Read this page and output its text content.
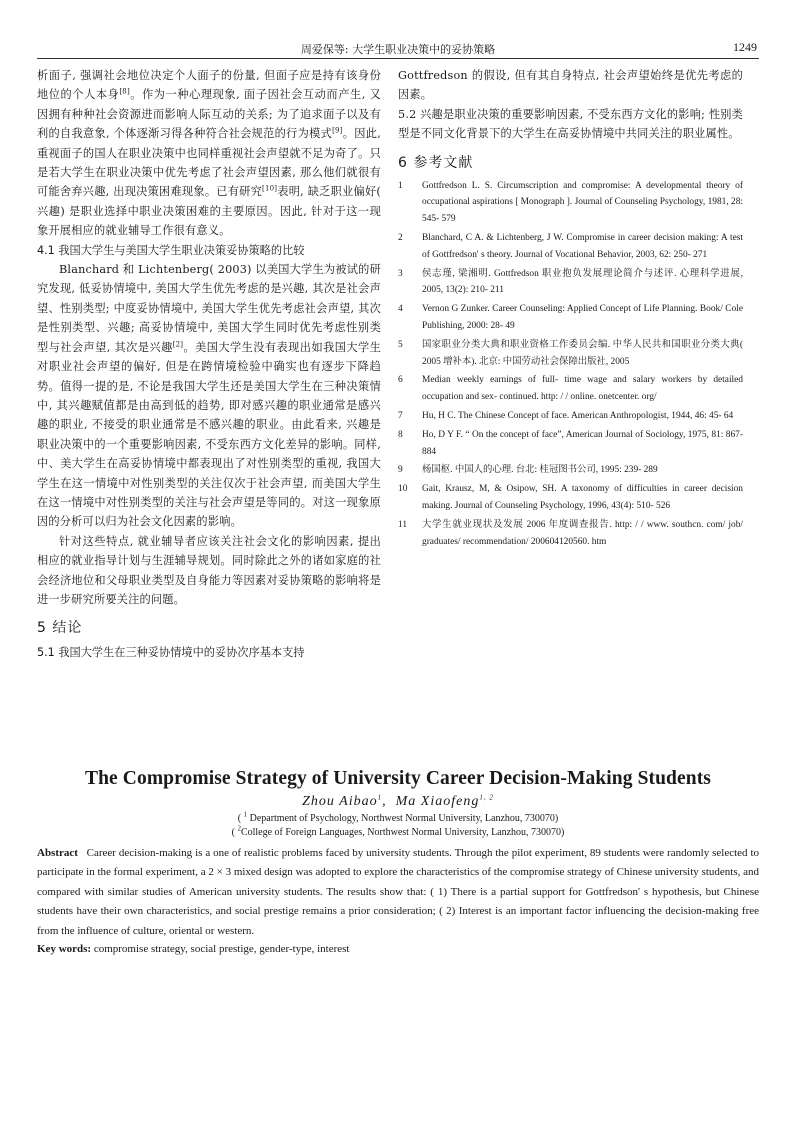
周爱保等: 大学生职业决策中的妥协策略	1249

析面子, 强调社会地位决定个人面子的份量, 但面子应是持有该身份地位的个人本身[8]。作为一种心理现象, 面子因社会互动而产生, 又因拥有种种社会资源进而影响人际互动的关系; 为了追求面子以及有利的自我意象, 个体逐渐习得各种符合社会规范的行为模式[9]。因此, 重视面子的国人在职业决策中也同样重视社会声望就不足为奇了。只是若大学生在职业决策中优先考虑了社会声望因素, 那么他们就很有可能舍弃兴趣, 出现决策困难现象。已有研究[10]表明, 缺乏职业偏好( 兴趣) 是职业选择中职业决策困难的主要原因。因此, 针对于这一现象开展相应的就业辅导工作很有意义。

4.1 我国大学生与美国大学生职业决策妥协策略的比较

Blanchard 和 Lichtenberg( 2003) 以美国大学生为被试的研究发现, 低妥协情境中, 美国大学生优先考虑的是兴趣, 其次是社会声望、性别类型; 中度妥协情境中, 美国大学生优先考虑社会声望, 其次是性别类型、兴趣; 高妥协情境中, 美国大学生同时优先考虑性别类型与社会声望, 其次是兴趣[2]。美国大学生没有表现出如我国大学生对职业社会声望的偏好, 但是在跨情境检验中确实也有逐步下降趋势。值得一提的是, 不论是我国大学生还是美国大学生在三种决策情中, 其兴趣赋值都是由高到低的趋势, 即对感兴趣的职业通常是感兴趣的职业, 不接受的职业通常是不感兴趣的职业。由此看来, 兴趣是职业决策中的一个重要影响因素, 不受东西方文化差异的影响。同样, 中、美大学生在高妥协情境中都表现出了对性别类型的重视, 我国大学生在这一情境中对性别类型的关注仅次于社会声望, 而美国大学生在这一情境中对性别类型的关注与社会声望是等同的。对这一现象原因的分析可以归为社会文化因素的影响。

针对这些特点, 就业辅导者应该关注社会文化的影响因素, 提出相应的就业指导计划与生涯辅导规划。同时除此之外的诸如家庭的社会经济地位和父母职业类型及自身能力等因素对妥协策略的影响将是进一步研究所要关注的问题。

5 结论

5.1 我国大学生在三种妥协情境中的妥协次序基本支持

Gottfredson 的假设, 但有其自身特点, 社会声望始终是优先考虑的因素。

5.2 兴趣是职业决策的重要影响因素, 不受东西方文化的影响; 性别类型是不同文化背景下的大学生在高妥协情境中共同关注的职业属性。

6 参考文献
1	Gottfredson L. S. Circumscription and compromise: A developmental theory of occupational aspirations [ Monograph ]. Journal of Counseling Psychology, 1981, 28: 545- 579
2	Blanchard, C A. & Lichtenberg, J W. Compromise in career decision making: A test of Gottfredson' s theory. Journal of Vocational Behavior, 2003, 62: 250- 271
3	侯志瑾, 梁湘明. Gottfredson 职业抱负发展理论简介与述评. 心理科学进展, 2005, 13(2): 210- 211
4	Vernon G Zunker. Career Counseling: Applied Concept of Life Planning. Book/ Cole Publishing, 2000: 28- 49
5	国家职业分类大典和职业资格工作委员会编. 中华人民共和国职业分类大典( 2005 增补本). 北京: 中国劳动社会保障出版社, 2005
6	Median weekly earnings of full- time wage and salary workers by detailed occupation and sex- continued. http: / / online. onetcenter. org/
7	Hu, H C. The Chinese Concept of face. American Anthropologist, 1944, 46: 45- 64
8	Ho, D Y F. “ On the concept of face”, American Journal of Sociology, 1975, 81: 867- 884
9	杨国枢. 中国人的心理. 台北: 桂冠图书公司, 1995: 239- 289
10	Gait, Krausz, M, & Osipow, SH. A taxonomy of difficulties in career decision making. Journal of Counseling Psychology, 1996, 43(4): 510- 526
11	大学生就业现状及发展 2006 年度调查报告. http: / / www. southcn. com/ job/ graduates/ recommendation/ 200604120560. htm
The Compromise Strategy of University Career Decision-Making Students
Zhou Aibao$^1$,  Ma Xiaofeng$^{1, 2}$
( $^1$ Department of Psychology, Northwest Normal University, Lanzhou, 730070)
( $^2$College of Foreign Languages, Northwest Normal University, Lanzhou, 730070)
Abstract Career decision-making is a one of realistic problems faced by university students. Through the pilot experiment, 89 students were randomly selected to participate in the formal experiment, a 2 × 3 mixed design was adopted to explore the characteristics of the compromise strategy of Chinese university students, and compared with similar studies of American university students. The results show that: ( 1) There is a partial support for Gottfredson' s hypothesis, but Chinese students have their own characteristics, and social prestige remains a prior consideration; ( 2) Interest is an important factor influencing the decision-making free from the influence of culture, oriental or western.
Key words: compromise strategy, social prestige, gender-type, interest
